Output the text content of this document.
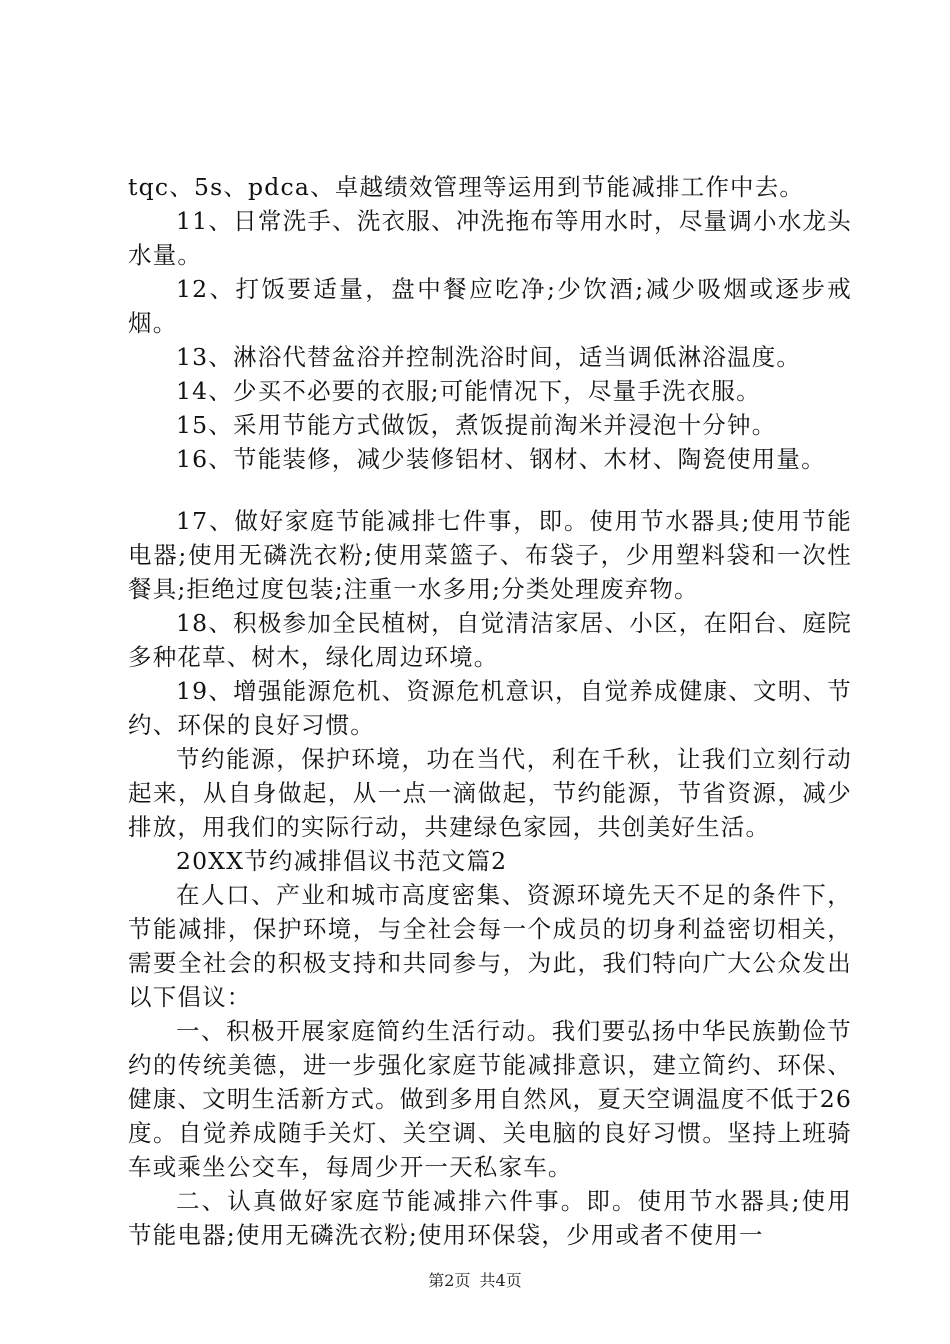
tqc、5s、pdca、卓越绩效管理等运用到节能减排工作中去。

11、日常洗手、洗衣服、冲洗拖布等用水时，尽量调小水龙头水量。

12、打饭要适量，盘中餐应吃净;少饮酒;减少吸烟或逐步戒烟。

13、淋浴代替盆浴并控制洗浴时间，适当调低淋浴温度。

14、少买不必要的衣服;可能情况下，尽量手洗衣服。

15、采用节能方式做饭，煮饭提前淘米并浸泡十分钟。

16、节能装修，减少装修铝材、钢材、木材、陶瓷使用量。

17、做好家庭节能减排七件事，即。使用节水器具;使用节能电器;使用无磷洗衣粉;使用菜篮子、布袋子，少用塑料袋和一次性餐具;拒绝过度包装;注重一水多用;分类处理废弃物。

18、积极参加全民植树，自觉清洁家居、小区，在阳台、庭院多种花草、树木，绿化周边环境。

19、增强能源危机、资源危机意识，自觉养成健康、文明、节约、环保的良好习惯。

节约能源，保护环境，功在当代，利在千秋，让我们立刻行动起来，从自身做起，从一点一滴做起，节约能源，节省资源，减少排放，用我们的实际行动，共建绿色家园，共创美好生活。

20XX节约减排倡议书范文篇2

在人口、产业和城市高度密集、资源环境先天不足的条件下，节能减排，保护环境，与全社会每一个成员的切身利益密切相关，需要全社会的积极支持和共同参与，为此，我们特向广大公众发出以下倡议：

一、积极开展家庭简约生活行动。我们要弘扬中华民族勤俭节约的传统美德，进一步强化家庭节能减排意识，建立简约、环保、健康、文明生活新方式。做到多用自然风，夏天空调温度不低于26度。自觉养成随手关灯、关空调、关电脑的良好习惯。坚持上班骑车或乘坐公交车，每周少开一天私家车。

二、认真做好家庭节能减排六件事。即。使用节水器具;使用节能电器;使用无磷洗衣粉;使用环保袋，少用或者不使用一

第2页 共4页
